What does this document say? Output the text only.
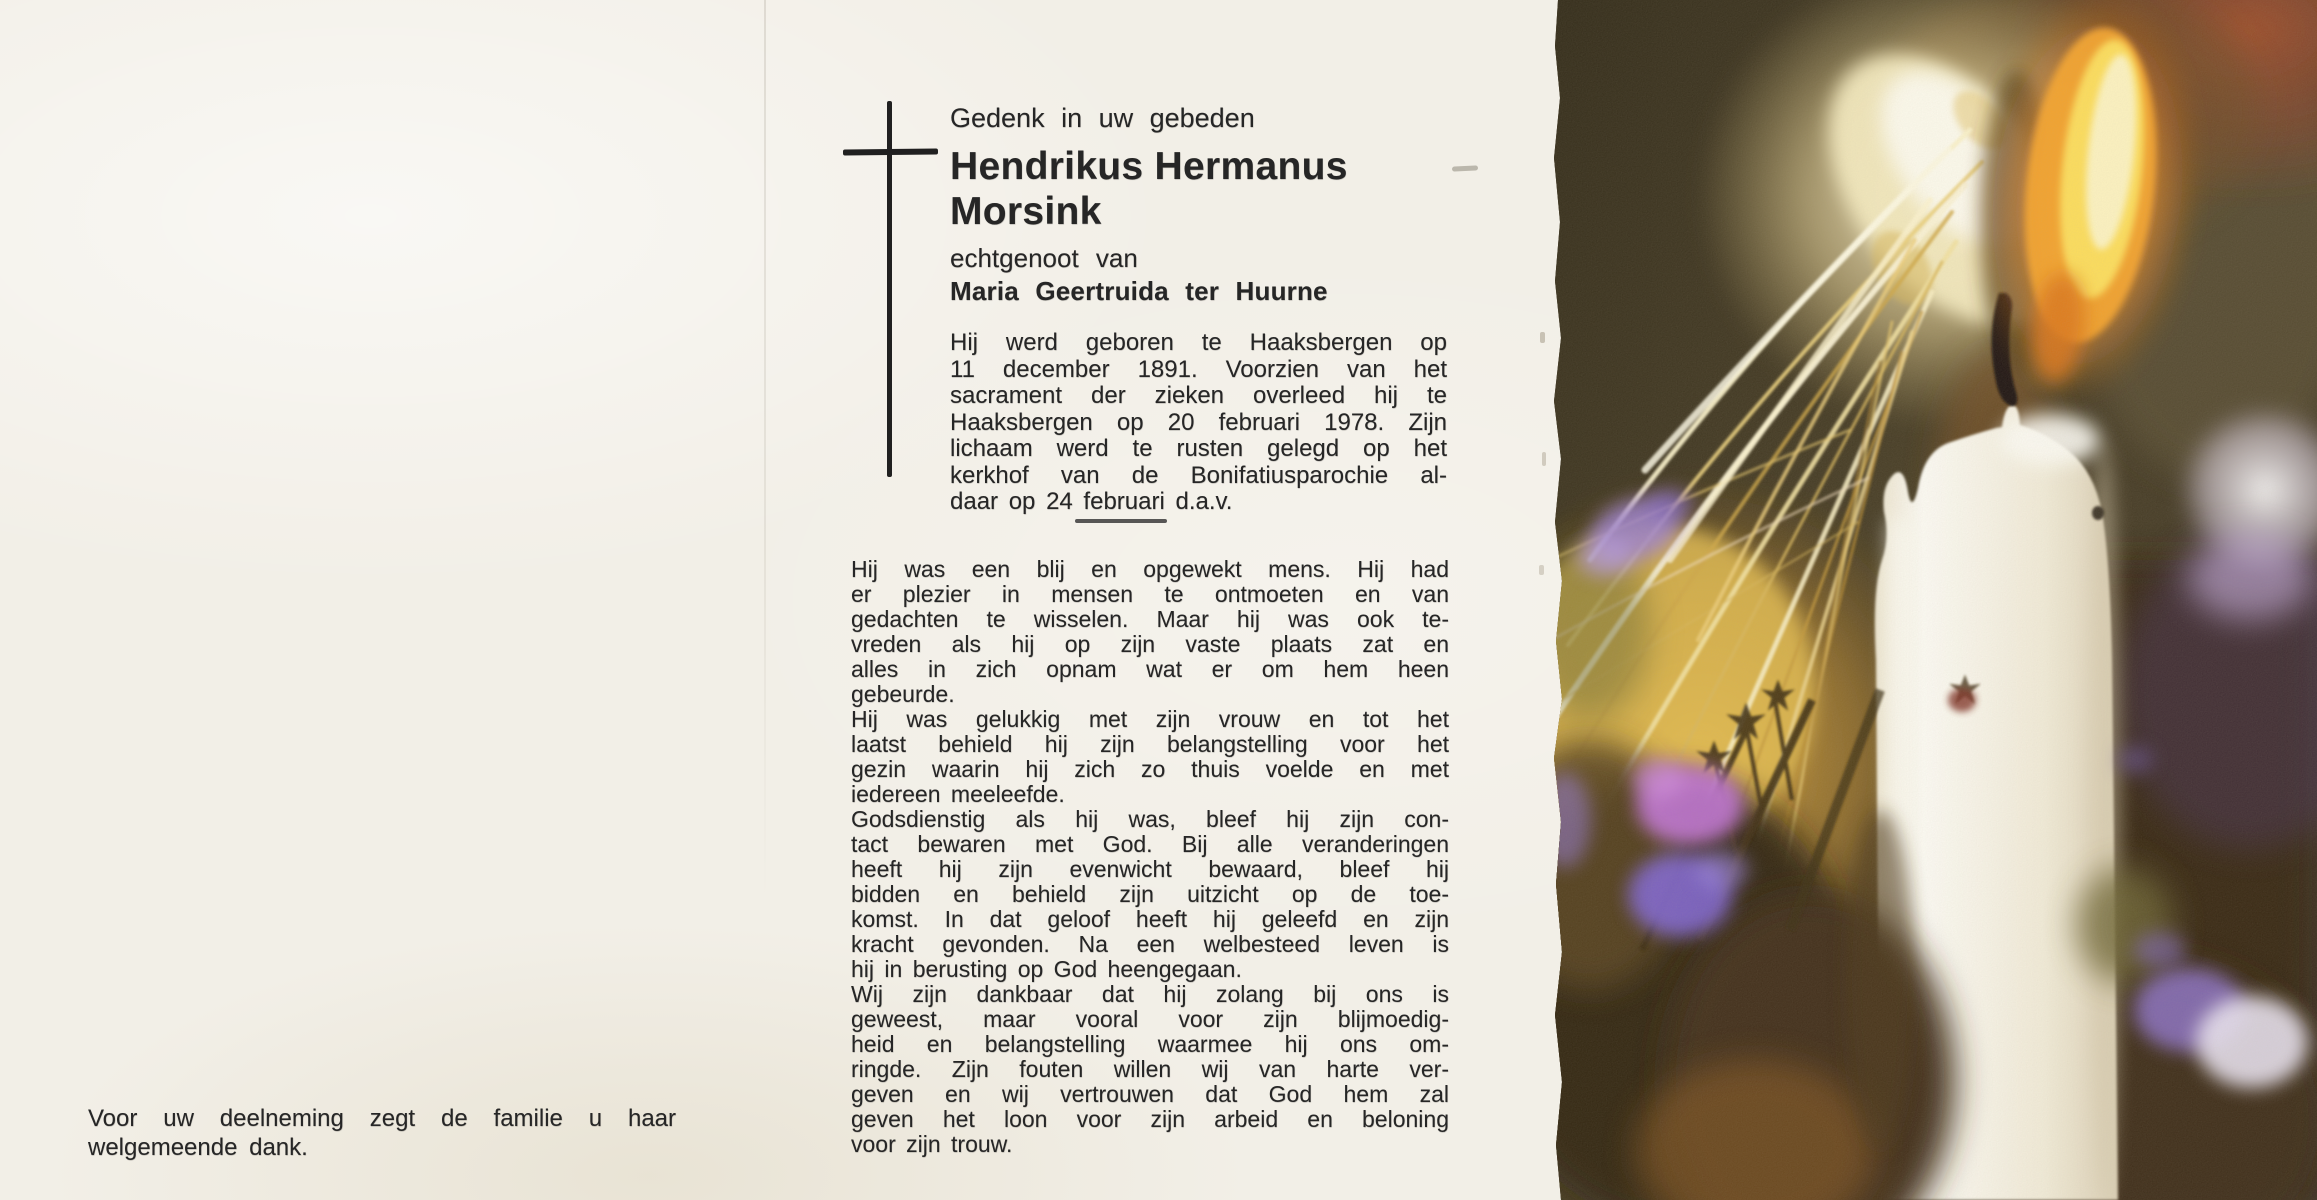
Voor uw deelneming zegt de familie u haar
welgemeende dank.
Gedenk in uw gebeden
Hendrikus Hermanus
Morsink
echtgenoot van
Maria Geertruida ter Huurne
Hij werd geboren te Haaksbergen op
11 december 1891. Voorzien van het
sacrament der zieken overleed hij te
Haaksbergen op 20 februari 1978. Zijn
lichaam werd te rusten gelegd op het
kerkhof van de Bonifatiusparochie al-
daar op 24 februari d.a.v.
Hij was een blij en opgewekt mens. Hij had
er plezier in mensen te ontmoeten en van
gedachten te wisselen. Maar hij was ook te-
vreden als hij op zijn vaste plaats zat en
alles in zich opnam wat er om hem heen
gebeurde.
Hij was gelukkig met zijn vrouw en tot het
laatst behield hij zijn belangstelling voor het
gezin waarin hij zich zo thuis voelde en met
iedereen meeleefde.
Godsdienstig als hij was, bleef hij zijn con-
tact bewaren met God. Bij alle veranderingen
heeft hij zijn evenwicht bewaard, bleef hij
bidden en behield zijn uitzicht op de toe-
komst. In dat geloof heeft hij geleefd en zijn
kracht gevonden. Na een welbesteed leven is
hij in berusting op God heengegaan.
Wij zijn dankbaar dat hij zolang bij ons is
geweest, maar vooral voor zijn blijmoedig-
heid en belangstelling waarmee hij ons om-
ringde. Zijn fouten willen wij van harte ver-
geven en wij vertrouwen dat God hem zal
geven het loon voor zijn arbeid en beloning
voor zijn trouw.
